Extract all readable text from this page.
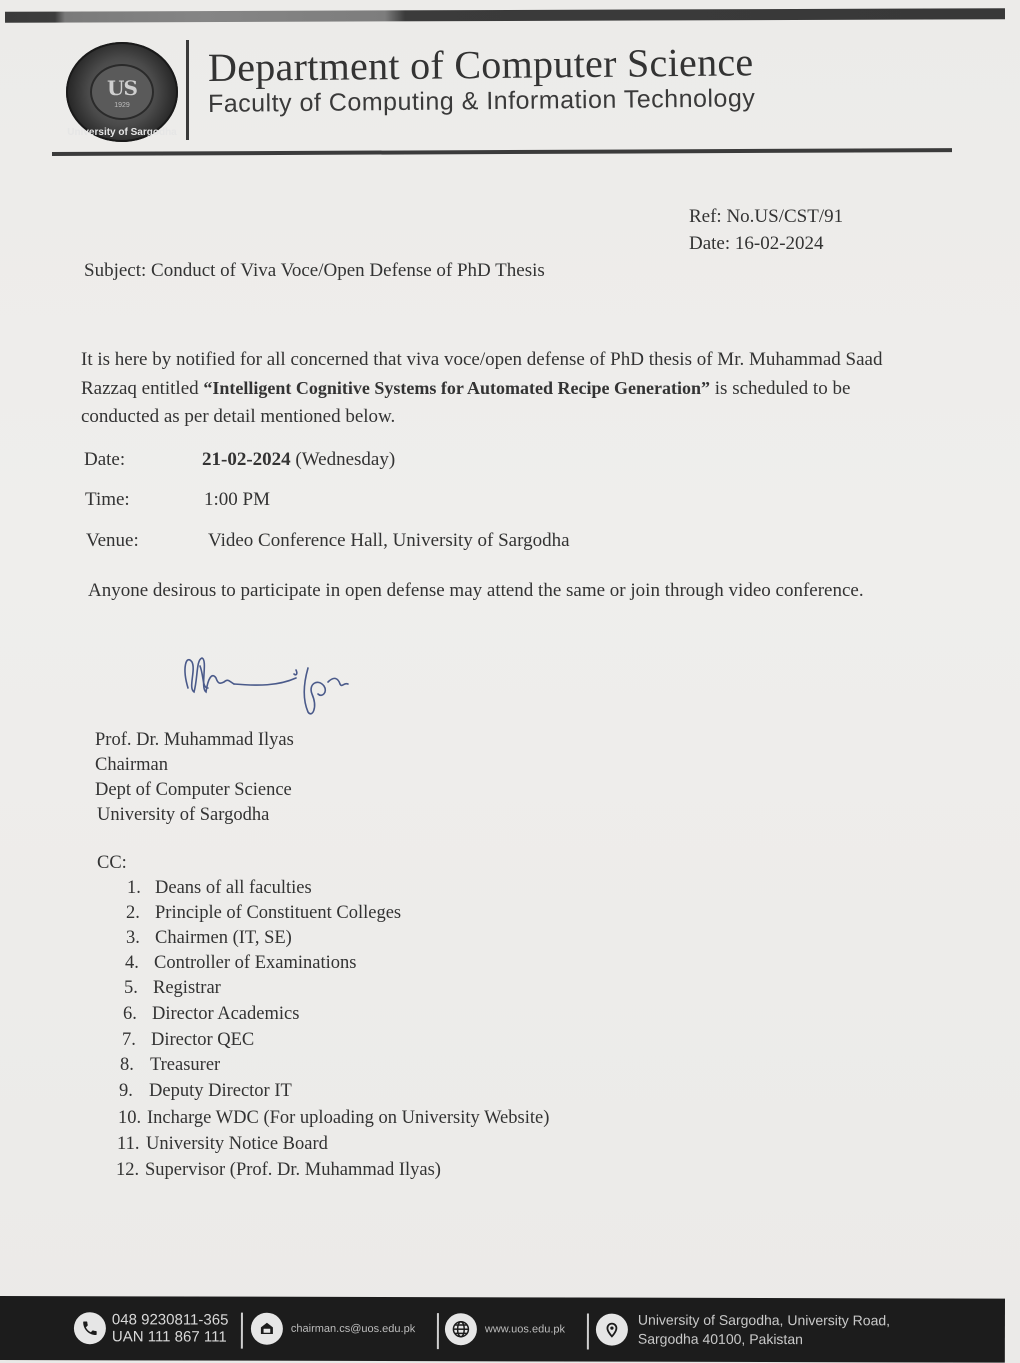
US
1929
University of Sargodha
Department of Computer Science
Faculty of Computing & Information Technology
Ref: No.US/CST/91
Date: 16-02-2024
Subject: Conduct of Viva Voce/Open Defense of PhD Thesis
It is here by notified for all concerned that viva voce/open defense of PhD thesis of Mr. Muhammad Saad Razzaq entitled “Intelligent Cognitive Systems for Automated Recipe Generation” is scheduled to be conducted as per detail mentioned below.
Date:	21-02-2024 (Wednesday)
Time:	1:00 PM
Venue:	Video Conference Hall, University of Sargodha
Anyone desirous to participate in open defense may attend the same or join through video conference.
Prof. Dr. Muhammad Ilyas
Chairman
Dept of Computer Science
University of Sargodha
CC:
1. Deans of all faculties
2. Principle of Constituent Colleges
3. Chairmen (IT, SE)
4. Controller of Examinations
5. Registrar
6. Director Academics
7. Director QEC
8. Treasurer
9. Deputy Director IT
10. Incharge WDC (For uploading on University Website)
11. University Notice Board
12. Supervisor (Prof. Dr. Muhammad Ilyas)
048 9230811-365
UAN 111 867 111	chairman.cs@uos.edu.pk	www.uos.edu.pk
University of Sargodha, University Road,
Sargodha 40100, Pakistan
